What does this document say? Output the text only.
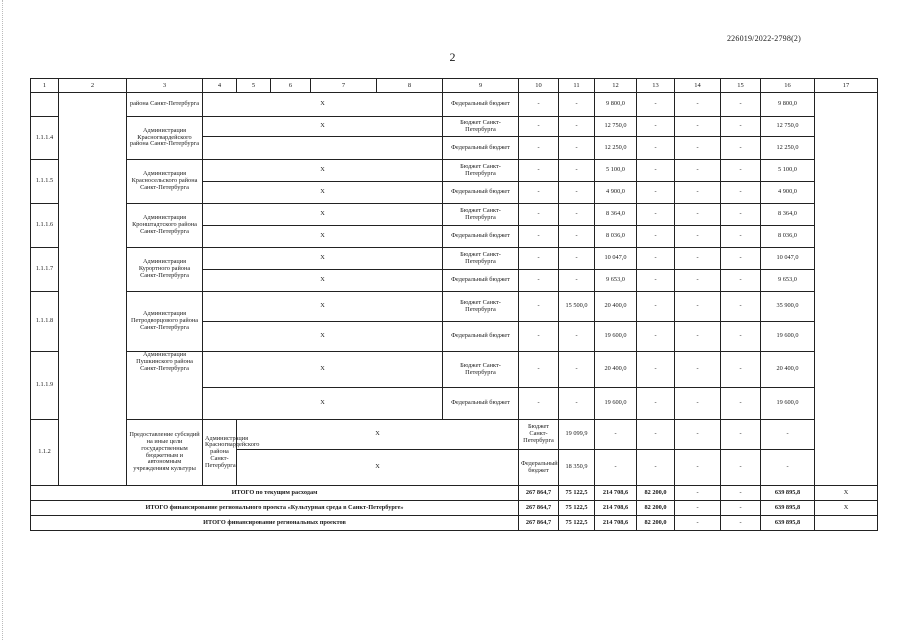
226019/2022-2798(2)
2
1	2	3	4	5	6	7	8	9	10	11	12	13	14	15	16	17	
		района Санкт-Петербурга	X					Федеральный бюджет	-	-	9 800,0	-	-	-	9 800,0		
1.1.1.4		Администрация Красногвардейского района Санкт-Петербурга	X					Бюджет Санкт-Петербурга	-	-	12 750,0	-	-	-	12 750,0		
								Федеральный бюджет	-	-	12 250,0	-	-	-	12 250,0		
1.1.1.5		Администрация Красносельского района Санкт-Петербурга	X					Бюджет Санкт-Петербурга	-	-	5 100,0	-	-	-	5 100,0		
			X					Федеральный бюджет	-	-	4 900,0	-	-	-	4 900,0		
1.1.1.6		Администрация Кронштадтского района Санкт-Петербурга	X					Бюджет Санкт-Петербурга	-	-	8 364,0	-	-	-	8 364,0		
			X					Федеральный бюджет	-	-	8 036,0	-	-	-	8 036,0		
1.1.1.7		Администрация Курортного района Санкт-Петербурга	X					Бюджет Санкт-Петербурга	-	-	10 047,0	-	-	-	10 047,0		
			X					Федеральный бюджет	-	-	9 653,0	-	-	-	9 653,0		
1.1.1.8		Администрация Петродворцового района Санкт-Петербурга	X					Бюджет Санкт-Петербурга	-	15 500,0	20 400,0	-	-	-	35 900,0		
			X					Федеральный бюджет	-	-	19 600,0	-	-	-	19 600,0		
1.1.1.9		Администрация Пушкинского района Санкт-Петербурга	X					Бюджет Санкт-Петербурга	-	-	20 400,0	-	-	-	20 400,0		
			X					Федеральный бюджет	-	-	19 600,0	-	-	-	19 600,0		
1.1.2		Предоставление субсидий на иные цели государственным бюджетным и автономным учреждениям культуры	Администрация Красногвардейского района Санкт-Петербурга	X					Бюджет Санкт-Петербурга	19 099,9	-	-	-	-	-		
				X					Федеральный бюджет	18 350,9	-	-	-	-	-	
ИТОГО по текущим расходам									267 864,7	75 122,5	214 708,6	82 200,0	-	-	639 895,8	X	
ИТОГО финансирование регионального проекта «Культурная среда в Санкт-Петербурге»									267 864,7	75 122,5	214 708,6	82 200,0	-	-	639 895,8	X	
ИТОГО финансирование региональных проектов									267 864,7	75 122,5	214 708,6	82 200,0	-	-	639 895,8		
